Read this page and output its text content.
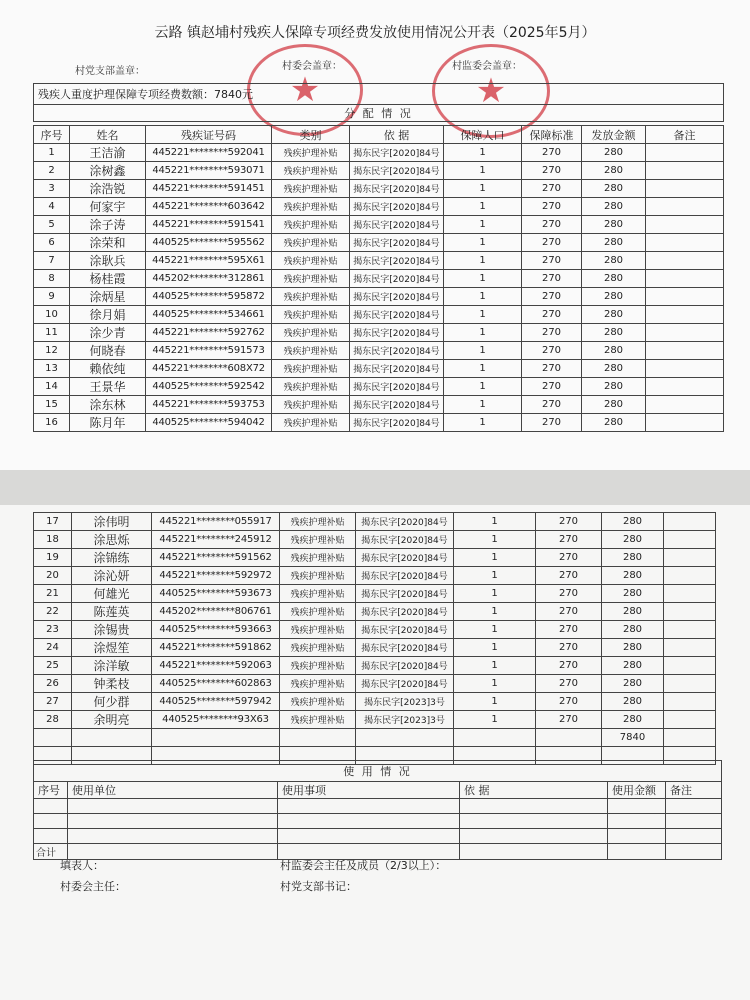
云路 镇赵埔村残疾人保障专项经费发放使用情况公开表（2025年5月）
村党支部盖章：	村委会盖章：	村监委会盖章：
★	★
残疾人重度护理保障专项经费数额：7840元
分 配 情 况
序号	姓名	残疾证号码	类别	依 据	保障人口	保障标准	发放金额	备注
1	王洁渝	445221********592041	残疾护理补贴	揭东民字[2020]84号	1	270	280	
2	涂树鑫	445221********593071	残疾护理补贴	揭东民字[2020]84号	1	270	280	
3	涂浩锐	445221********591451	残疾护理补贴	揭东民字[2020]84号	1	270	280	
4	何家宇	445221********603642	残疾护理补贴	揭东民字[2020]84号	1	270	280	
5	涂子涛	445221********591541	残疾护理补贴	揭东民字[2020]84号	1	270	280	
6	涂荣和	440525********595562	残疾护理补贴	揭东民字[2020]84号	1	270	280	
7	涂耿兵	445221********595X61	残疾护理补贴	揭东民字[2020]84号	1	270	280	
8	杨桂霞	445202********312861	残疾护理补贴	揭东民字[2020]84号	1	270	280	
9	涂炳星	440525********595872	残疾护理补贴	揭东民字[2020]84号	1	270	280	
10	徐月娟	440525********534661	残疾护理补贴	揭东民字[2020]84号	1	270	280	
11	涂少青	445221********592762	残疾护理补贴	揭东民字[2020]84号	1	270	280	
12	何晓春	445221********591573	残疾护理补贴	揭东民字[2020]84号	1	270	280	
13	赖依纯	445221********608X72	残疾护理补贴	揭东民字[2020]84号	1	270	280	
14	王景华	440525********592542	残疾护理补贴	揭东民字[2020]84号	1	270	280	
15	涂东林	445221********593753	残疾护理补贴	揭东民字[2020]84号	1	270	280	
16	陈月年	440525********594042	残疾护理补贴	揭东民字[2020]84号	1	270	280	
填表人：
村委会主任：
村监委会主任及成员（2/3以上）：
村党支部书记：
17	涂伟明	445221********055917	残疾护理补贴	揭东民字[2020]84号	1	270	280	
18	涂思烁	445221********245912	残疾护理补贴	揭东民字[2020]84号	1	270	280	
19	涂锦练	445221********591562	残疾护理补贴	揭东民字[2020]84号	1	270	280	
20	涂沁妍	445221********592972	残疾护理补贴	揭东民字[2020]84号	1	270	280	
21	何雄光	440525********593673	残疾护理补贴	揭东民字[2020]84号	1	270	280	
22	陈莲英	445202********806761	残疾护理补贴	揭东民字[2020]84号	1	270	280	
23	涂锡贵	440525********593663	残疾护理补贴	揭东民字[2020]84号	1	270	280	
24	涂煜笙	445221********591862	残疾护理补贴	揭东民字[2020]84号	1	270	280	
25	涂洋敏	445221********592063	残疾护理补贴	揭东民字[2020]84号	1	270	280	
26	钟柔枝	440525********602863	残疾护理补贴	揭东民字[2020]84号	1	270	280	
27	何少群	440525********597942	残疾护理补贴	揭东民字[2023]3号	1	270	280	
28	余明亮	440525********93X63	残疾护理补贴	揭东民字[2023]3号	1	270	280	
							7840	

使 用 情 况					
序号	使用单位	使用事项	依 据	使用金额	备注

合计					
